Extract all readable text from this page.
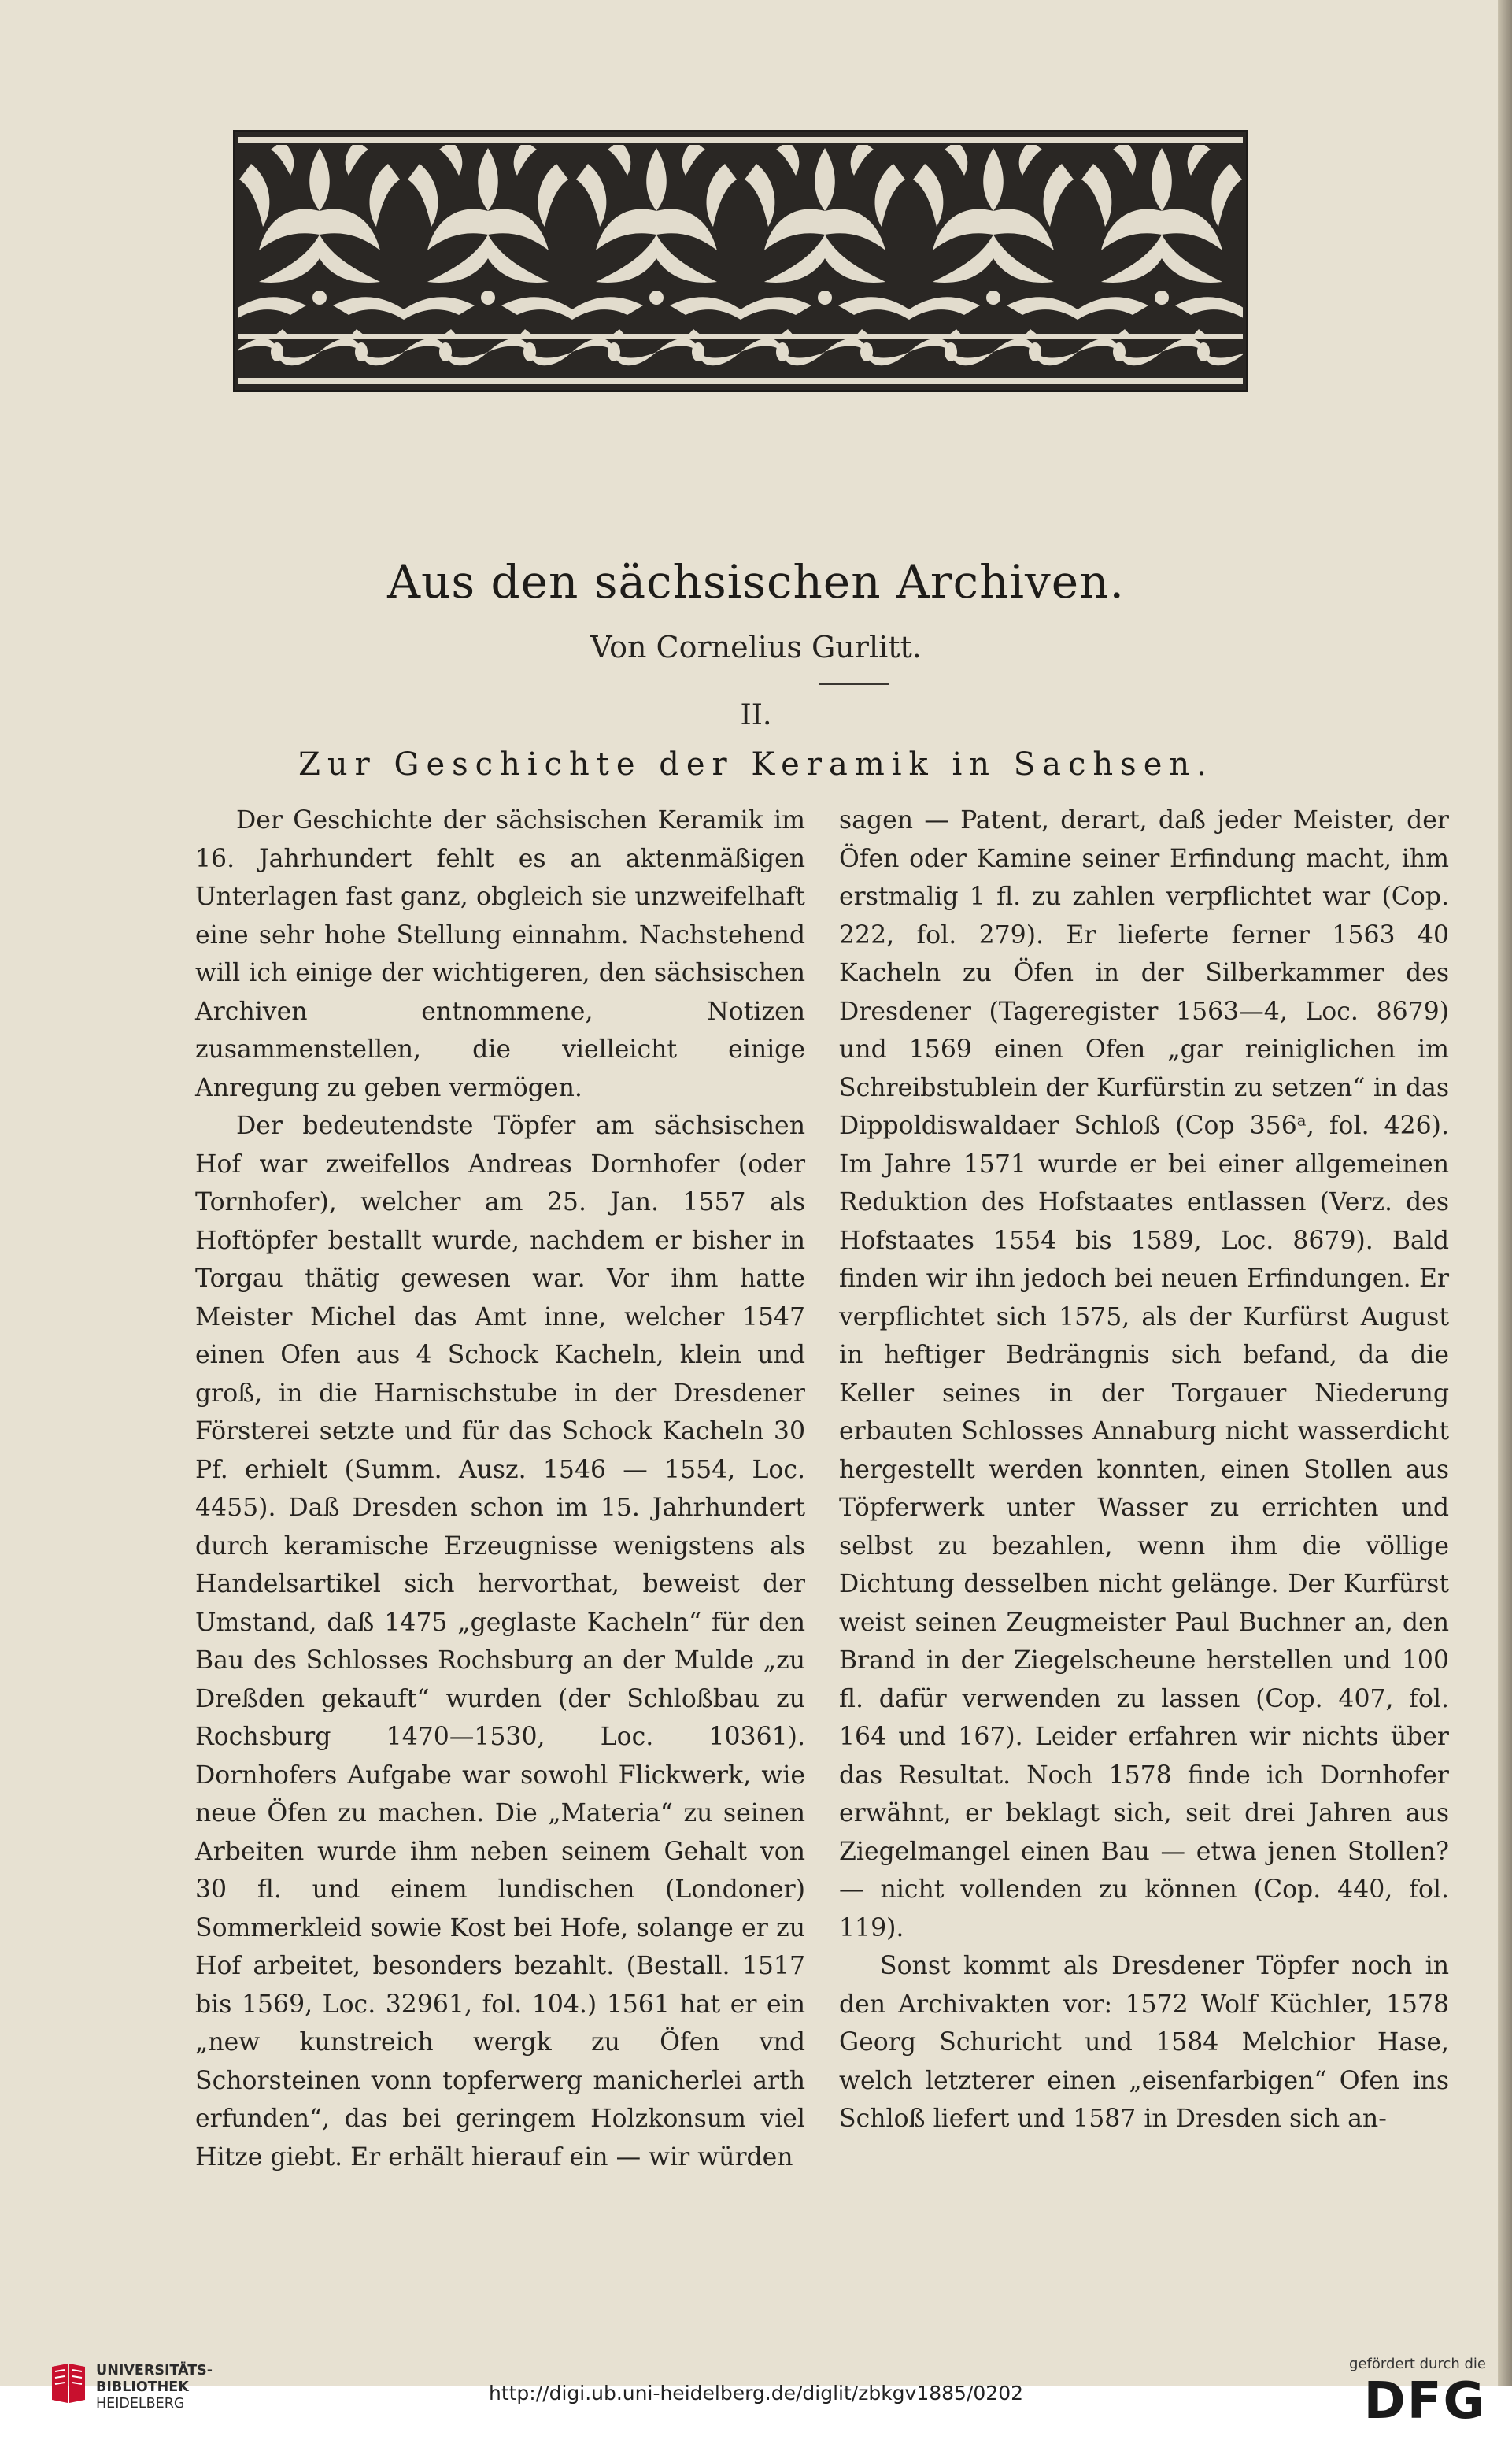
Aus den sächsischen Archiven.
Von Cornelius Gurlitt.
II.
Zur Geschichte der Keramik in Sachsen.

Der Geschichte der sächsischen Keramik im 16. Jahrhundert fehlt es an aktenmäßigen Unterlagen fast ganz, obgleich sie unzweifelhaft eine sehr hohe Stellung einnahm. Nachstehend will ich einige der wichtigeren, den sächsischen Archiven entnommene, Notizen zusammenstellen, die vielleicht einige Anregung zu geben vermögen.

Der bedeutendste Töpfer am sächsischen Hof war zweifellos Andreas Dornhofer (oder Tornhofer), welcher am 25. Jan. 1557 als Hoftöpfer bestallt wurde, nachdem er bisher in Torgau thätig gewesen war. Vor ihm hatte Meister Michel das Amt inne, welcher 1547 einen Ofen aus 4 Schock Kacheln, klein und groß, in die Harnischstube in der Dresdener Försterei setzte und für das Schock Kacheln 30 Pf. erhielt (Summ. Ausz. 1546 — 1554, Loc. 4455). Daß Dresden schon im 15. Jahrhundert durch keramische Erzeugnisse wenigstens als Handelsartikel sich hervorthat, beweist der Umstand, daß 1475 „geglaste Kacheln“ für den Bau des Schlosses Rochsburg an der Mulde „zu Dreßden gekauft“ wurden (der Schloßbau zu Rochsburg 1470—1530, Loc. 10361). Dornhofers Aufgabe war sowohl Flickwerk, wie neue Öfen zu machen. Die „Materia“ zu seinen Arbeiten wurde ihm neben seinem Gehalt von 30 fl. und einem lundischen (Londoner) Sommerkleid sowie Kost bei Hofe, solange er zu Hof arbeitet, besonders bezahlt. (Bestall. 1517 bis 1569, Loc. 32961, fol. 104.) 1561 hat er ein „new kunstreich wergk zu Öfen vnd Schorsteinen vonn topferwerg manicherlei arth erfunden“, das bei geringem Holzkonsum viel Hitze giebt. Er erhält hierauf ein — wir würden

sagen — Patent, derart, daß jeder Meister, der Öfen oder Kamine seiner Erfindung macht, ihm erstmalig 1 fl. zu zahlen verpflichtet war (Cop. 222, fol. 279). Er lieferte ferner 1563 40 Kacheln zu Öfen in der Silberkammer des Dresdener (Tageregister 1563—4, Loc. 8679) und 1569 einen Ofen „gar reiniglichen im Schreibstublein der Kurfürstin zu setzen“ in das Dippoldiswaldaer Schloß (Cop 356ᵃ, fol. 426). Im Jahre 1571 wurde er bei einer allgemeinen Reduktion des Hofstaates entlassen (Verz. des Hofstaates 1554 bis 1589, Loc. 8679). Bald finden wir ihn jedoch bei neuen Erfindungen. Er verpflichtet sich 1575, als der Kurfürst August in heftiger Bedrängnis sich befand, da die Keller seines in der Torgauer Niederung erbauten Schlosses Annaburg nicht wasserdicht hergestellt werden konnten, einen Stollen aus Töpferwerk unter Wasser zu errichten und selbst zu bezahlen, wenn ihm die völlige Dichtung desselben nicht gelänge. Der Kurfürst weist seinen Zeugmeister Paul Buchner an, den Brand in der Ziegelscheune herstellen und 100 fl. dafür verwenden zu lassen (Cop. 407, fol. 164 und 167). Leider erfahren wir nichts über das Resultat. Noch 1578 finde ich Dornhofer erwähnt, er beklagt sich, seit drei Jahren aus Ziegelmangel einen Bau — etwa jenen Stollen? — nicht vollenden zu können (Cop. 440, fol. 119).

Sonst kommt als Dresdener Töpfer noch in den Archivakten vor: 1572 Wolf Küchler, 1578 Georg Schuricht und 1584 Melchior Hase, welch letzterer einen „eisenfarbigen“ Ofen ins Schloß liefert und 1587 in Dresden sich an-

UNIVERSITÄTS-
BIBLIOTHEK
HEIDELBERG	http://digi.ub.uni-heidelberg.de/diglit/zbkgv1885/0202
gefördert durch die
DFG
